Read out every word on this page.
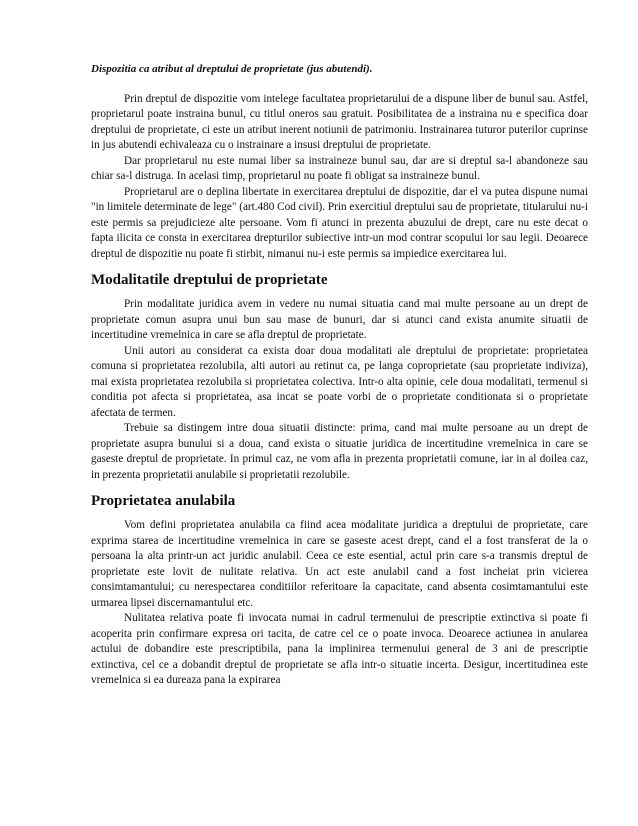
Dispozitia ca atribut al dreptului de proprietate (jus abutendi).

Prin dreptul de dispozitie vom intelege facultatea proprietarului de a dispune liber de bunul sau. Astfel, proprietarul poate instraina bunul, cu titlul oneros sau gratuit. Posibilitatea de a instraina nu e specifica doar dreptului de proprietate, ci este un atribut inerent notiunii de patrimoniu. Instrainarea tuturor puterilor cuprinse in jus abutendi echivaleaza cu o instrainare a insusi dreptului de proprietate.

Dar proprietarul nu este numai liber sa instraineze bunul sau, dar are si dreptul sa-l abandoneze sau chiar sa-l distruga. In acelasi timp, proprietarul nu poate fi obligat sa instraineze bunul.

Proprietarul are o deplina libertate in exercitarea dreptului de dispozitie, dar el va putea dispune numai "in limitele determinate de lege" (art.480 Cod civil). Prin exercitiul dreptului sau de proprietate, titularului nu-i este permis sa prejudicieze alte persoane. Vom fi atunci in prezenta abuzului de drept, care nu este decat o fapta ilicita ce consta in exercitarea drepturilor subiective intr-un mod contrar scopului lor sau legii. Deoarece dreptul de dispozitie nu poate fi stirbit, nimanui nu-i este permis sa impiedice exercitarea lui.

Modalitatile dreptului de proprietate

Prin modalitate juridica avem in vedere nu numai situatia cand mai multe persoane au un drept de proprietate comun asupra unui bun sau mase de bunuri, dar si atunci cand exista anumite situatii de incertitudine vremelnica in care se afla dreptul de proprietate.

Unii autori au considerat ca exista doar doua modalitati ale dreptului de proprietate: proprietatea comuna si proprietatea rezolubila, alti autori au retinut ca, pe langa coproprietate (sau proprietate indiviza), mai exista proprietatea rezolubila si proprietatea colectiva. Intr-o alta opinie, cele doua modalitati, termenul si conditia pot afecta si proprietatea, asa incat se poate vorbi de o proprietate conditionata si o proprietate afectata de termen.

Trebuie sa distingem intre doua situatii distincte: prima, cand mai multe persoane au un drept de proprietate asupra bunului si a doua, cand exista o situatie juridica de incertitudine vremelnica in care se gaseste dreptul de proprietate. In primul caz, ne vom afla in prezenta proprietatii comune, iar in al doilea caz, in prezenta proprietatii anulabile si proprietatii rezolubile.

Proprietatea anulabila

Vom defini proprietatea anulabila ca fiind acea modalitate juridica a dreptului de proprietate, care exprima starea de incertitudine vremelnica in care se gaseste acest drept, cand el a fost transferat de la o persoana la alta printr-un act juridic anulabil. Ceea ce este esential, actul prin care s-a transmis dreptul de proprietate este lovit de nulitate relativa. Un act este anulabil cand a fost incheiat prin vicierea consimtamantului; cu nerespectarea conditiilor referitoare la capacitate, cand absenta cosimtamantului este urmarea lipsei discernamantului etc.

Nulitatea relativa poate fi invocata numai in cadrul termenului de prescriptie extinctiva si poate fi acoperita prin confirmare expresa ori tacita, de catre cel ce o poate invoca. Deoarece actiunea in anularea actului de dobandire este prescriptibila, pana la implinirea termenului general de 3 ani de prescriptie extinctiva, cel ce a dobandit dreptul de proprietate se afla intr-o situatie incerta. Desigur, incertitudinea este vremelnica si ea dureaza pana la expirarea
